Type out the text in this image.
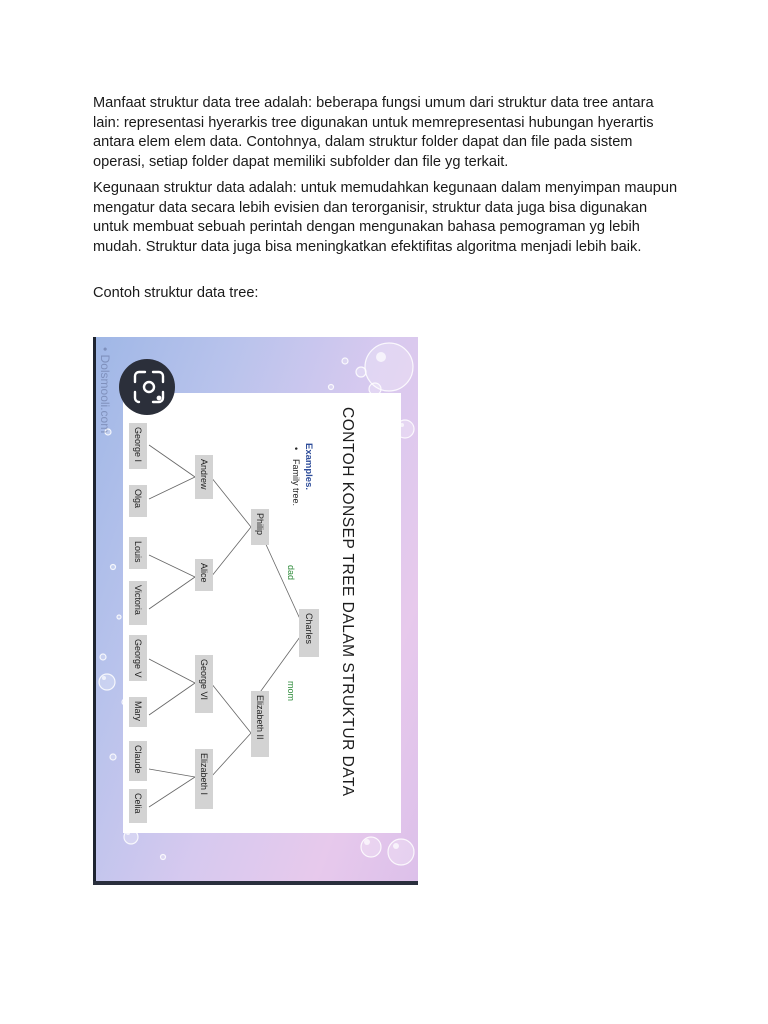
Manfaat struktur data tree adalah: beberapa fungsi umum dari struktur data tree antara lain: representasi hyerarkis tree digunakan untuk memrepresentasi hubungan hyerartis antara elem elem data. Contohnya, dalam struktur folder dapat dan file pada sistem operasi, setiap folder dapat memiliki subfolder dan file yg terkait.

Kegunaan struktur data adalah: untuk memudahkan kegunaan dalam menyimpan maupun mengatur data secara lebih evisien dan terorganisir, struktur data juga bisa digunakan untuk membuat sebuah perintah dengan mengunakan bahasa pemograman yg lebih mudah. Struktur data juga bisa meningkatkan efektifitas algoritma menjadi lebih baik.

Contoh struktur data tree:

CONTOH KONSEP TREE DALAM STRUKTUR DATA
Examples.
•
Family tree.
dad
mom
Charles
Philip
Elizabeth II
Andrew
Alice
George VI
Elizabeth I
George I
Olga
Louis
Victoria
George V
Mary
Claude
Celia
• Dolsmooli.com
